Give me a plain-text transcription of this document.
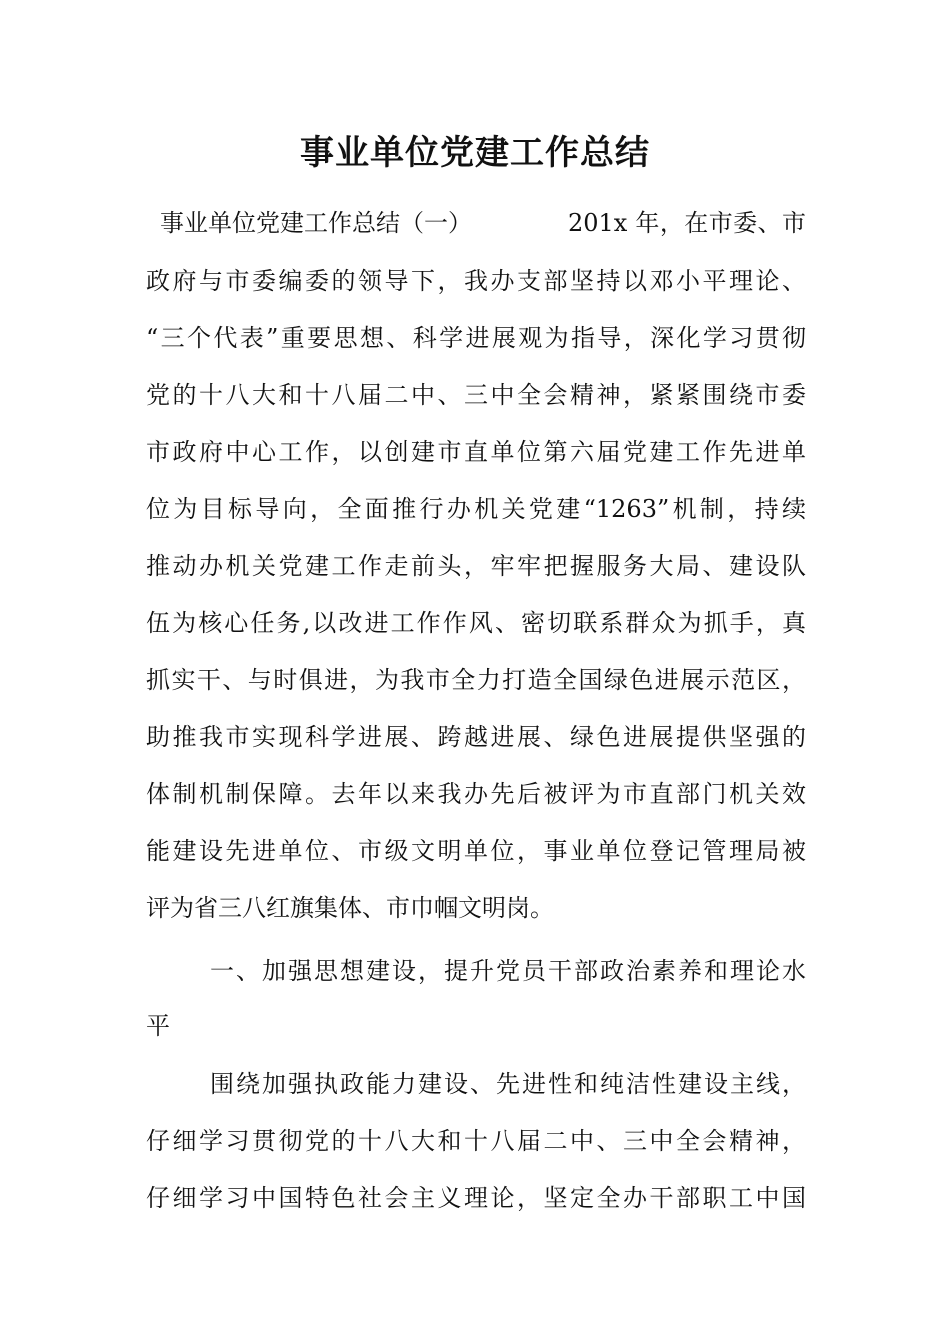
事业单位党建工作总结
事业单位党建工作总结（一）	201x 年，在市委、市
政府与市委编委的领导下，我办支部坚持以邓小平理论、
“三个代表”重要思想、科学进展观为指导，深化学习贯彻
党的十八大和十八届二中、三中全会精神，紧紧围绕市委
市政府中心工作，以创建市直单位第六届党建工作先进单
位为目标导向，全面推行办机关党建“1263”机制，持续
推动办机关党建工作走前头，牢牢把握服务大局、建设队
伍为核心任务,以改进工作作风、密切联系群众为抓手，真
抓实干、与时俱进，为我市全力打造全国绿色进展示范区，
助推我市实现科学进展、跨越进展、绿色进展提供坚强的
体制机制保障。去年以来我办先后被评为市直部门机关效
能建设先进单位、市级文明单位，事业单位登记管理局被
评为省三八红旗集体、市巾帼文明岗。
一、加强思想建设，提升党员干部政治素养和理论水
平
围绕加强执政能力建设、先进性和纯洁性建设主线，
仔细学习贯彻党的十八大和十八届二中、三中全会精神，
仔细学习中国特色社会主义理论，坚定全办干部职工中国
